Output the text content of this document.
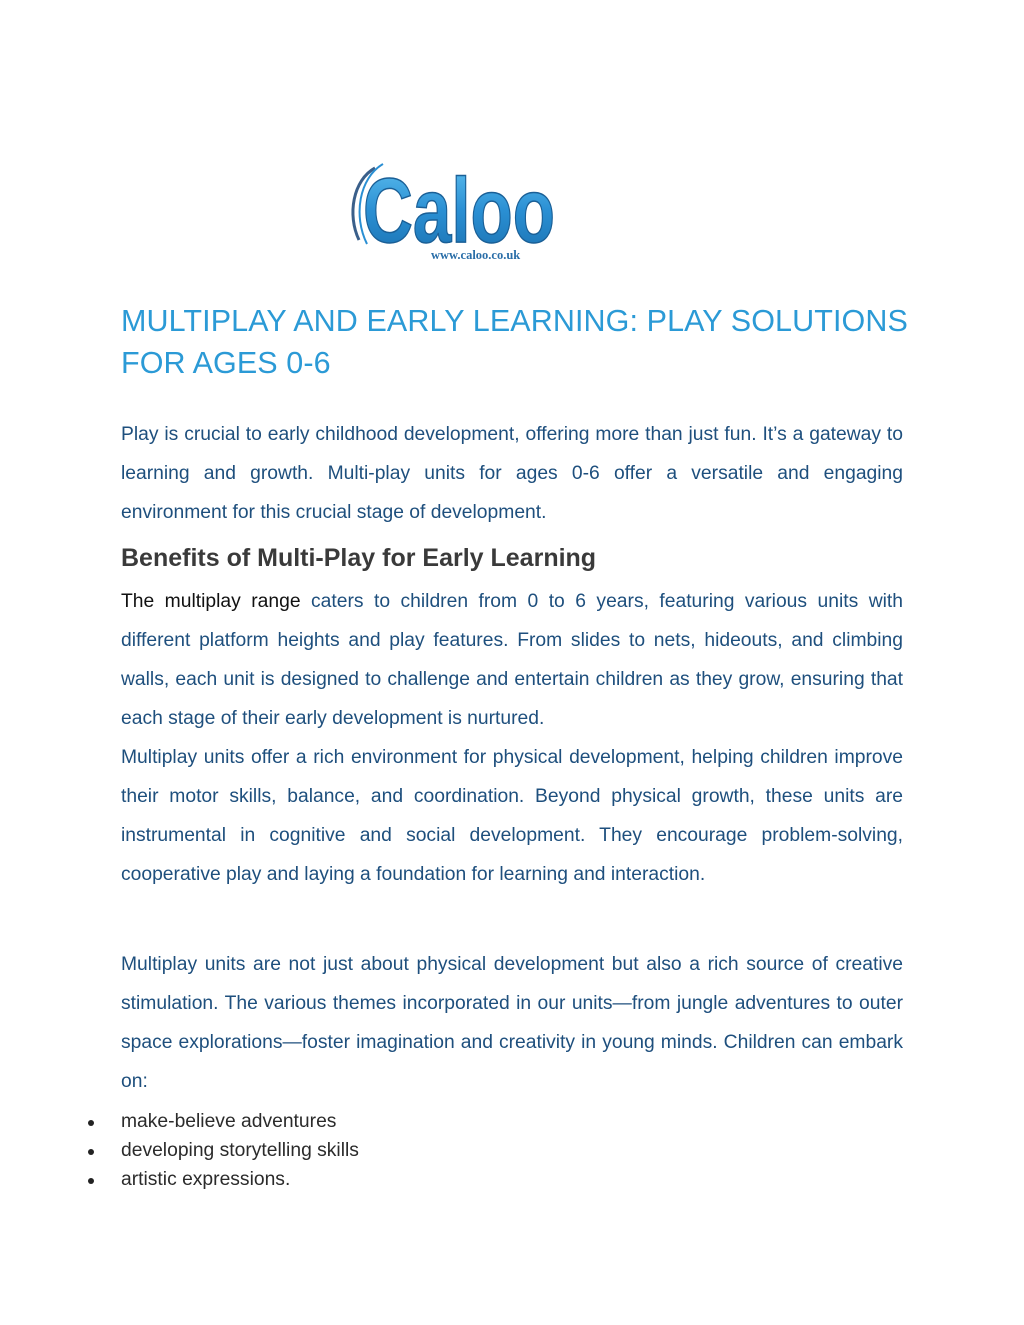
Caloo
www.caloo.co.uk
MULTIPLAY AND EARLY LEARNING: PLAY SOLUTIONS FOR AGES 0-6

Play is crucial to early childhood development, offering more than just fun. It’s a gateway to learning and growth. Multi-play units for ages 0-6 offer a versatile and engaging environment for this crucial stage of development.

Benefits of Multi-Play for Early Learning

The multiplay range caters to children from 0 to 6 years, featuring various units with different platform heights and play features. From slides to nets, hideouts, and climbing walls, each unit is designed to challenge and entertain children as they grow, ensuring that each stage of their early development is nurtured.

Multiplay units offer a rich environment for physical development, helping children improve their motor skills, balance, and coordination. Beyond physical growth, these units are instrumental in cognitive and social development. They encourage problem-solving, cooperative play and laying a foundation for learning and interaction.

Multiplay units are not just about physical development but also a rich source of creative stimulation. The various themes incorporated in our units—from jungle adventures to outer space explorations—foster imagination and creativity in young minds. Children can embark on:

make-believe adventures
developing storytelling skills
artistic expressions.
